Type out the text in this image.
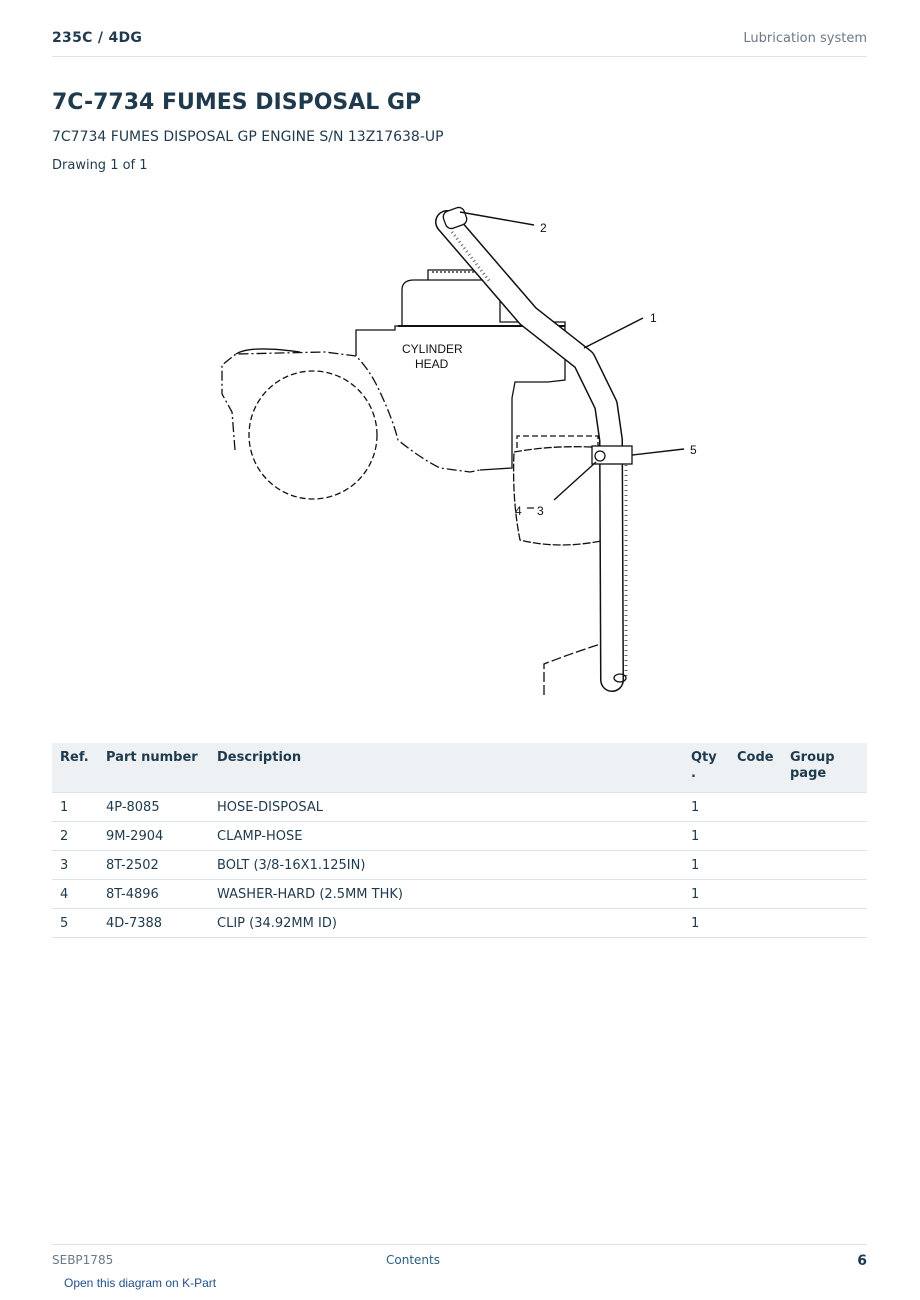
235C / 4DG	Lubrication system
7C-7734 FUMES DISPOSAL GP
7C7734 FUMES DISPOSAL GP ENGINE S/N 13Z17638-UP
Drawing 1 of 1
CYLINDER
HEAD
2
1
5
4 3
Ref.	Part number	Description	Qty .	Code	Group page
1	4P-8085	HOSE-DISPOSAL	1		
2	9M-2904	CLAMP-HOSE	1		
3	8T-2502	BOLT (3/8-16X1.125IN)	1		
4	8T-4896	WASHER-HARD (2.5MM THK)	1		
5	4D-7388	CLIP (34.92MM ID)	1		
SEBP1785	Contents	6
Open this diagram on K-Part
